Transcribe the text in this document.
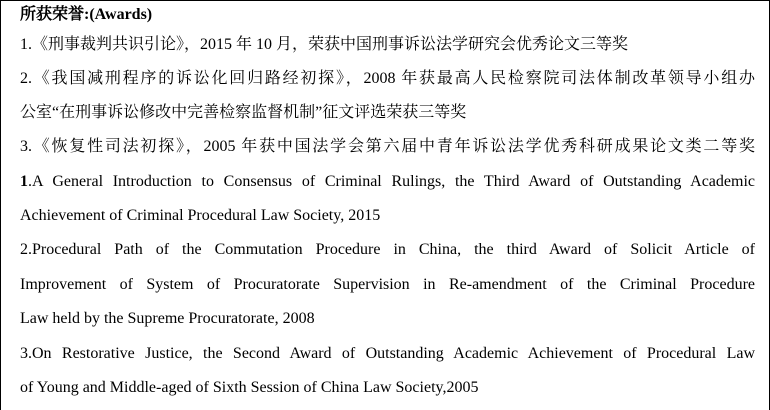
所获荣誉:(Awards)
1.《刑事裁判共识引论》，2015 年 10 月，荣获中国刑事诉讼法学研究会优秀论文三等奖
2.《我国减刑程序的诉讼化回归路经初探》，2008 年获最高人民检察院司法体制改革领导小组办
公室“在刑事诉讼修改中完善检察监督机制”征文评选荣获三等奖
3.《恢复性司法初探》，2005 年获中国法学会第六届中青年诉讼法学优秀科研成果论文类二等奖
1.A General Introduction to Consensus of Criminal Rulings, the Third Award of Outstanding Academic
Achievement of Criminal Procedural Law Society, 2015
2.Procedural Path of the Commutation Procedure in China, the third Award of Solicit Article of
Improvement of System of Procuratorate Supervision in Re-amendment of the Criminal Procedure
Law held by the Supreme Procuratorate, 2008
3.On Restorative Justice, the Second Award of Outstanding Academic Achievement of Procedural Law
of Young and Middle-aged of Sixth Session of China Law Society,2005
